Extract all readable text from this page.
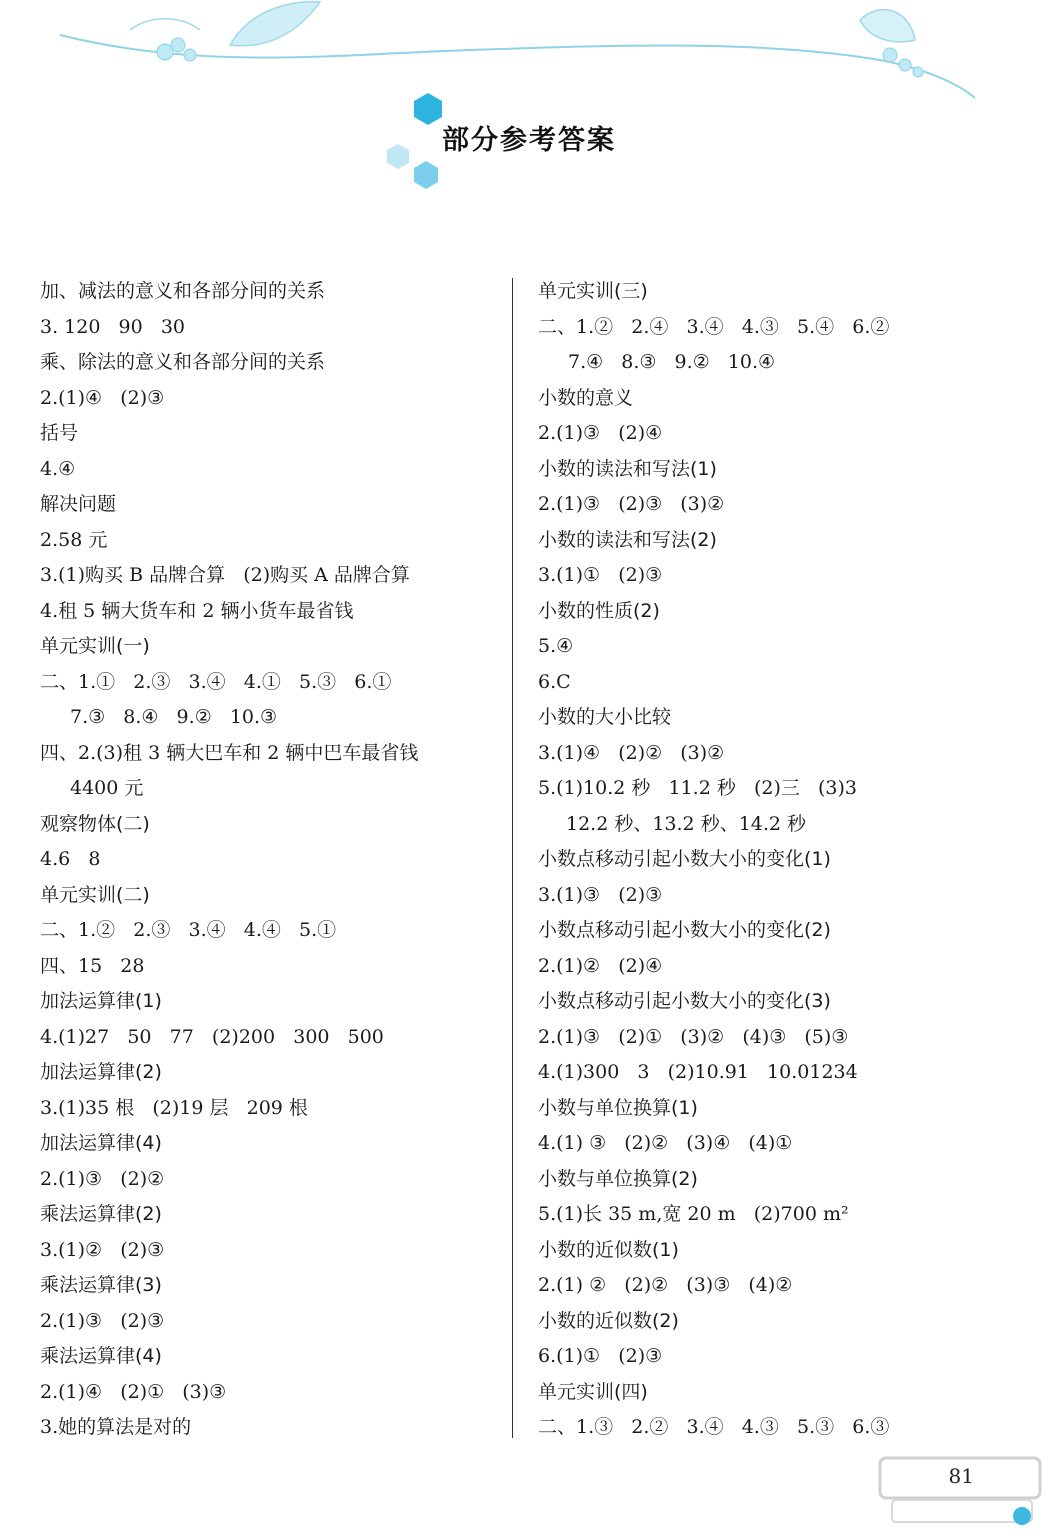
部分参考答案
加、减法的意义和各部分间的关系
3. 120   90   30
乘、除法的意义和各部分间的关系
2.(1)④   (2)③
括号
4.④
解决问题
2.58 元
3.(1)购买 B 品牌合算   (2)购买 A 品牌合算
4.租 5 辆大货车和 2 辆小货车最省钱
单元实训(一)
二、1.①   2.③   3.④   4.①   5.③   6.①
7.③   8.④   9.②   10.③
四、2.(3)租 3 辆大巴车和 2 辆中巴车最省钱
4400 元
观察物体(二)
4.6   8
单元实训(二)
二、1.②   2.③   3.④   4.④   5.①
四、15   28
加法运算律(1)
4.(1)27   50   77   (2)200   300   500
加法运算律(2)
3.(1)35 根   (2)19 层   209 根
加法运算律(4)
2.(1)③   (2)②
乘法运算律(2)
3.(1)②   (2)③
乘法运算律(3)
2.(1)③   (2)③
乘法运算律(4)
2.(1)④   (2)①   (3)③
3.她的算法是对的
单元实训(三)
二、1.②   2.④   3.④   4.③   5.④   6.②
7.④   8.③   9.②   10.④
小数的意义
2.(1)③   (2)④
小数的读法和写法(1)
2.(1)③   (2)③   (3)②
小数的读法和写法(2)
3.(1)①   (2)③
小数的性质(2)
5.④
6.C
小数的大小比较
3.(1)④   (2)②   (3)②
5.(1)10.2 秒   11.2 秒   (2)三   (3)3
12.2 秒、13.2 秒、14.2 秒
小数点移动引起小数大小的变化(1)
3.(1)③   (2)③
小数点移动引起小数大小的变化(2)
2.(1)②   (2)④
小数点移动引起小数大小的变化(3)
2.(1)③   (2)①   (3)②   (4)③   (5)③
4.(1)300   3   (2)10.91   10.01234
小数与单位换算(1)
4.(1) ③   (2)②   (3)④   (4)①
小数与单位换算(2)
5.(1)长 35 m,宽 20 m   (2)700 m²
小数的近似数(1)
2.(1) ②   (2)②   (3)③   (4)②
小数的近似数(2)
6.(1)①   (2)③
单元实训(四)
二、1.③   2.②   3.④   4.③   5.③   6.③
81
